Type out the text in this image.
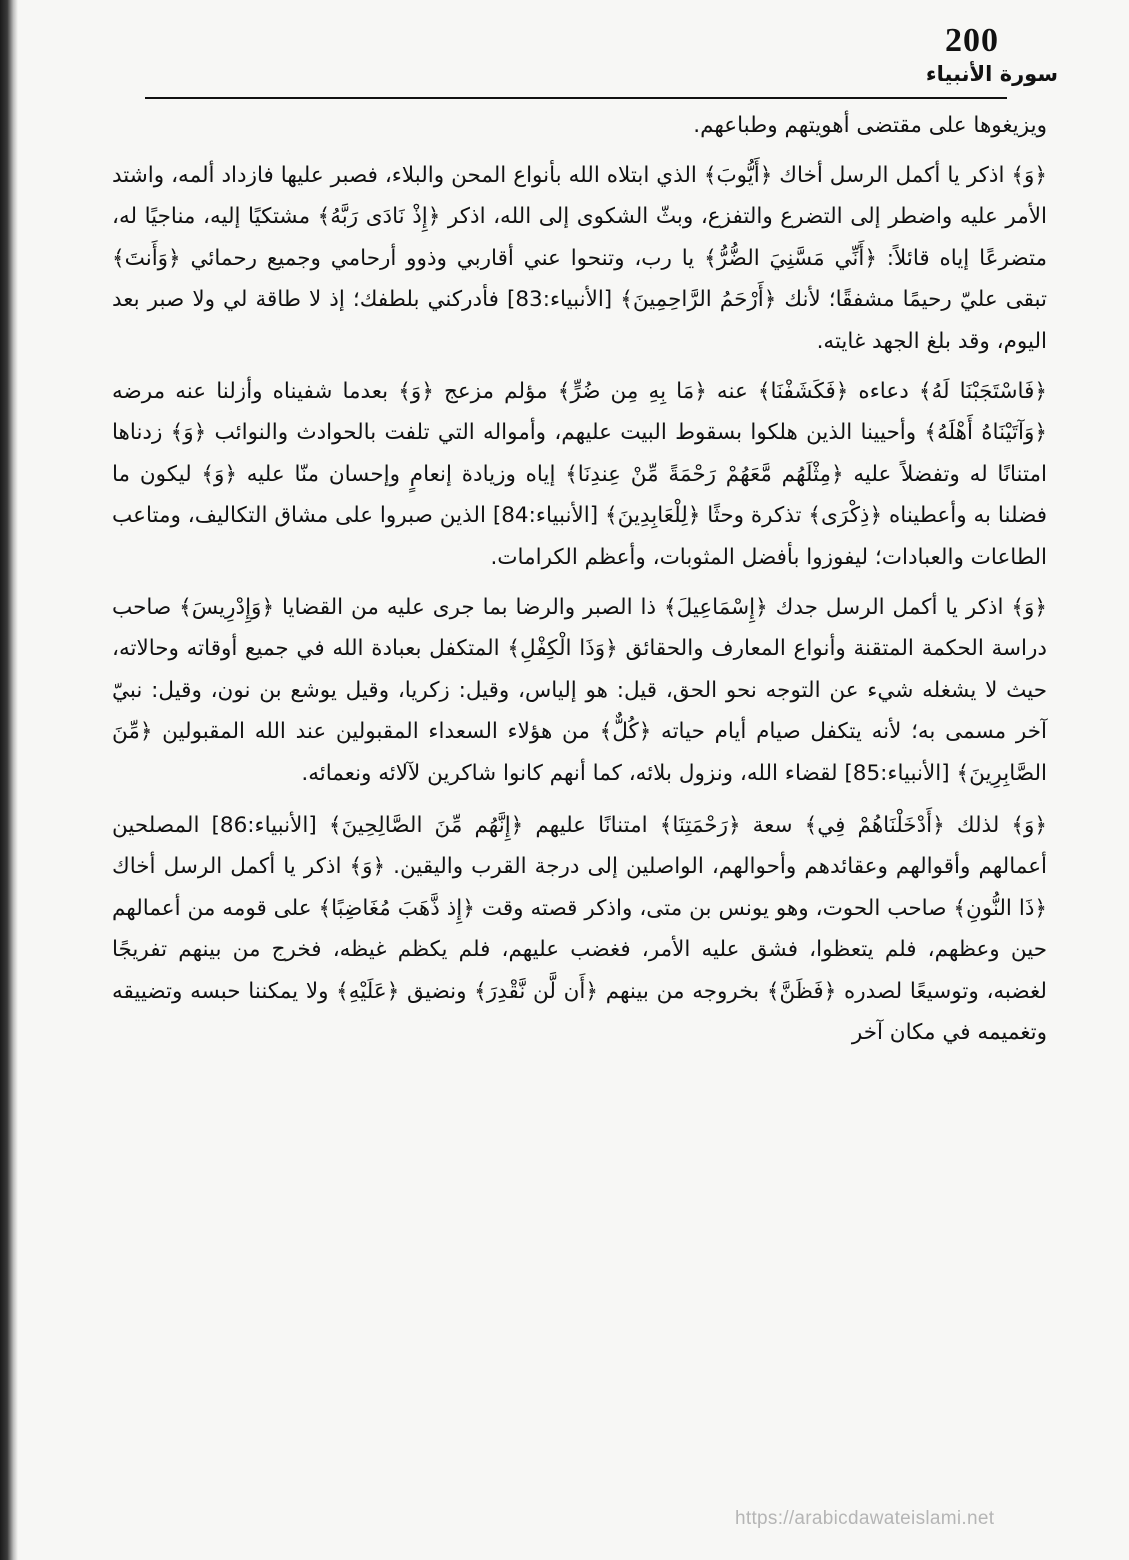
200
سورة الأنبياء

ويزيغوها على مقتضى أهويتهم وطباعهم.

﴿وَ﴾ اذكر يا أكمل الرسل أخاك ﴿أَيُّوبَ﴾ الذي ابتلاه الله بأنواع المحن والبلاء، فصبر عليها فازداد ألمه، واشتد الأمر عليه واضطر إلى التضرع والتفزع، وبثّ الشكوى إلى الله، اذكر ﴿إِذْ نَادَى رَبَّهُ﴾ مشتكيًا إليه، مناجيًا له، متضرعًا إياه قائلاً: ﴿أَنِّي مَسَّنِيَ الضُّرُّ﴾ يا رب، وتنحوا عني أقاربي وذوو أرحامي وجميع رحمائي ﴿وَأَنتَ﴾ تبقى عليّ رحيمًا مشفقًا؛ لأنك ﴿أَرْحَمُ الرَّاحِمِينَ﴾ [الأنبياء:83] فأدركني بلطفك؛ إذ لا طاقة لي ولا صبر بعد اليوم، وقد بلغ الجهد غايته.

﴿فَاسْتَجَبْنَا لَهُ﴾ دعاءه ﴿فَكَشَفْنَا﴾ عنه ﴿مَا بِهِ مِن ضُرٍّ﴾ مؤلم مزعج ﴿وَ﴾ بعدما شفيناه وأزلنا عنه مرضه ﴿وَآتَيْنَاهُ أَهْلَهُ﴾ وأحيينا الذين هلكوا بسقوط البيت عليهم، وأمواله التي تلفت بالحوادث والنوائب ﴿وَ﴾ زدناها امتنانًا له وتفضلاً عليه ﴿مِثْلَهُم مَّعَهُمْ رَحْمَةً مِّنْ عِندِنَا﴾ إياه وزيادة إنعامٍ وإحسان منّا عليه ﴿وَ﴾ ليكون ما فضلنا به وأعطيناه ﴿ذِكْرَى﴾ تذكرة وحثًا ﴿لِلْعَابِدِينَ﴾ [الأنبياء:84] الذين صبروا على مشاق التكاليف، ومتاعب الطاعات والعبادات؛ ليفوزوا بأفضل المثوبات، وأعظم الكرامات.

﴿وَ﴾ اذكر يا أكمل الرسل جدك ﴿إِسْمَاعِيلَ﴾ ذا الصبر والرضا بما جرى عليه من القضايا ﴿وَإِدْرِيسَ﴾ صاحب دراسة الحكمة المتقنة وأنواع المعارف والحقائق ﴿وَذَا الْكِفْلِ﴾ المتكفل بعبادة الله في جميع أوقاته وحالاته، حيث لا يشغله شيء عن التوجه نحو الحق، قيل: هو إلياس، وقيل: زكريا، وقيل يوشع بن نون، وقيل: نبيّ آخر مسمى به؛ لأنه يتكفل صيام أيام حياته ﴿كُلٌّ﴾ من هؤلاء السعداء المقبولين عند الله المقبولين ﴿مِّنَ الصَّابِرِينَ﴾ [الأنبياء:85] لقضاء الله، ونزول بلائه، كما أنهم كانوا شاكرين لآلائه ونعمائه.

﴿وَ﴾ لذلك ﴿أَدْخَلْنَاهُمْ فِي﴾ سعة ﴿رَحْمَتِنَا﴾ امتنانًا عليهم ﴿إِنَّهُم مِّنَ الصَّالِحِينَ﴾ [الأنبياء:86] المصلحين أعمالهم وأقوالهم وعقائدهم وأحوالهم، الواصلين إلى درجة القرب واليقين. ﴿وَ﴾ اذكر يا أكمل الرسل أخاك ﴿ذَا النُّونِ﴾ صاحب الحوت، وهو يونس بن متى، واذكر قصته وقت ﴿إِذ ذَّهَبَ مُغَاضِبًا﴾ على قومه من أعمالهم حين وعظهم، فلم يتعظوا، فشق عليه الأمر، فغضب عليهم، فلم يكظم غيظه، فخرج من بينهم تفريجًا لغضبه، وتوسيعًا لصدره ﴿فَظَنَّ﴾ بخروجه من بينهم ﴿أَن لَّن نَّقْدِرَ﴾ ونضيق ﴿عَلَيْهِ﴾ ولا يمكننا حبسه وتضييقه وتغميمه في مكان آخر

https://arabicdawateislami.net
